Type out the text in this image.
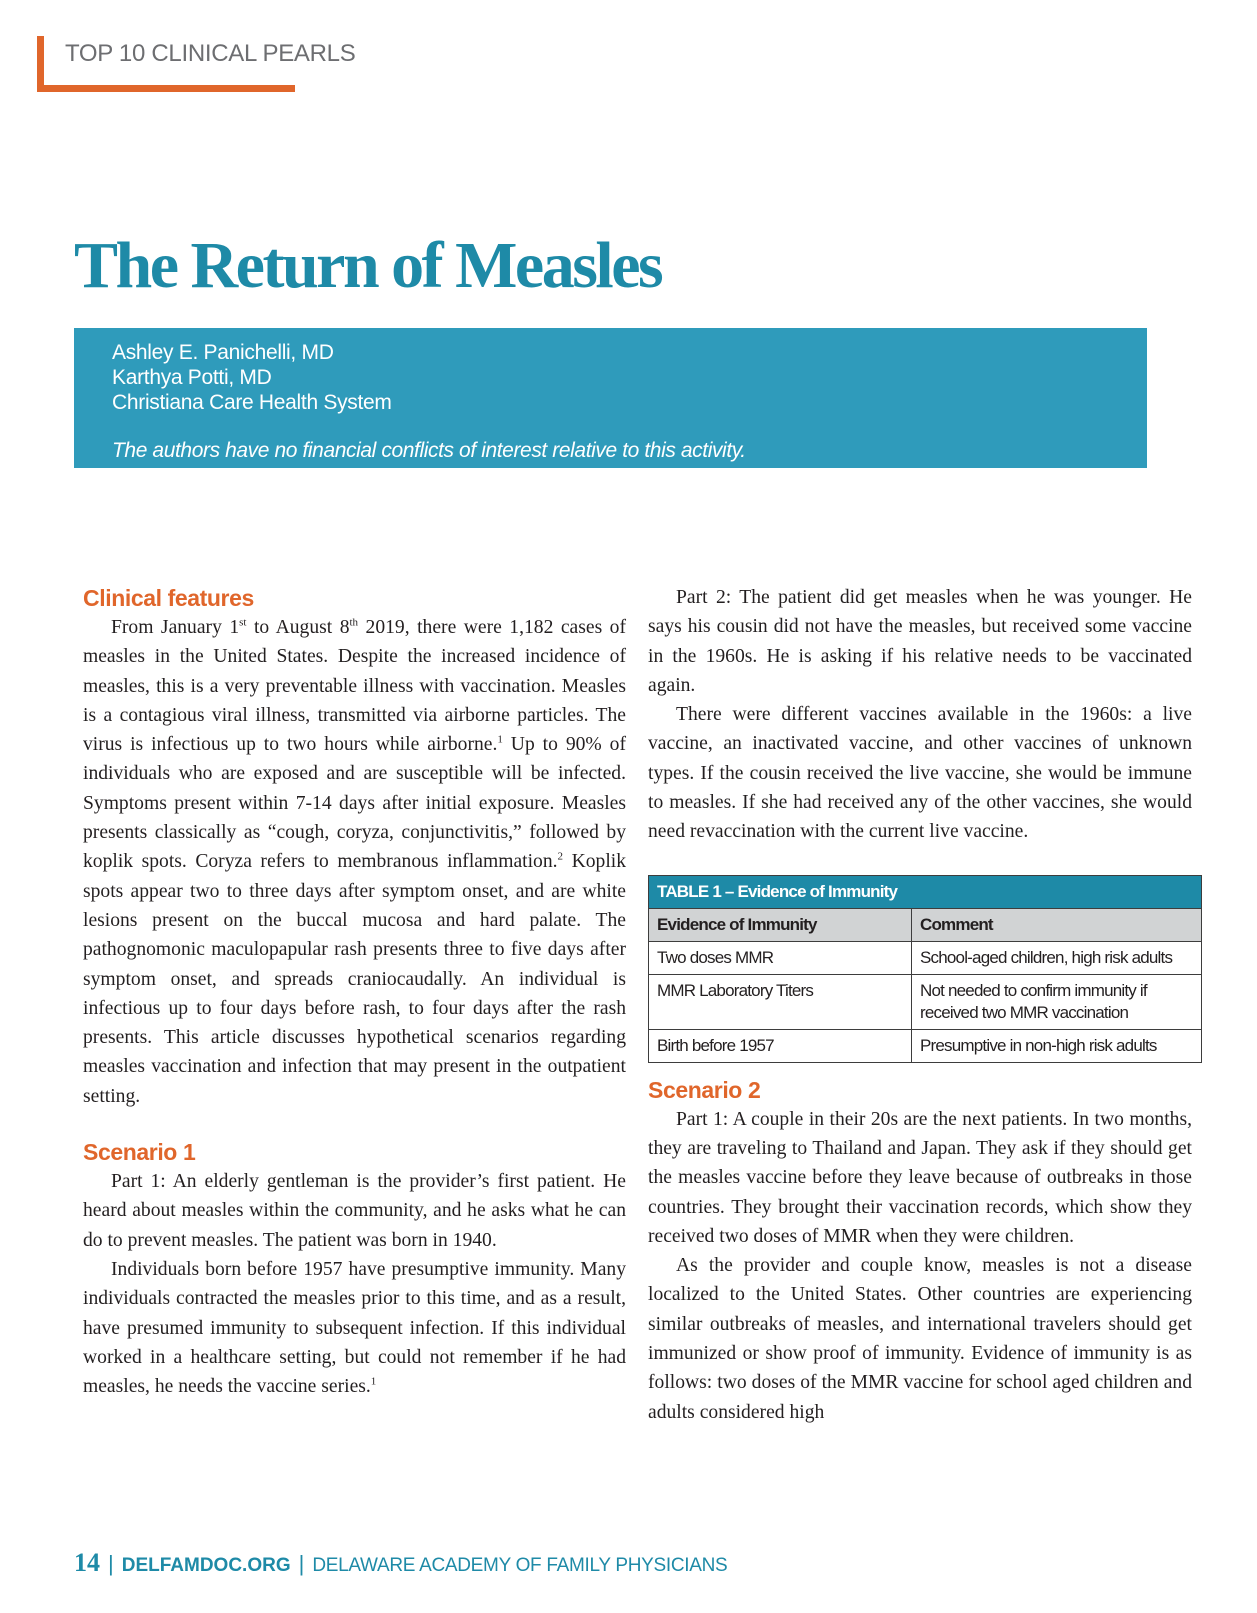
TOP 10 CLINICAL PEARLS
The Return of Measles
Ashley E. Panichelli, MD
Karthya Potti, MD
Christiana Care Health System
The authors have no financial conflicts of interest relative to this activity.
Clinical features

From January 1st to August 8th 2019, there were 1,182 cases of measles in the United States. Despite the increased incidence of measles, this is a very preventable illness with vaccination. Measles is a contagious viral illness, transmitted via airborne particles. The virus is infectious up to two hours while airborne.$^1$ Up to 90% of individuals who are exposed and are susceptible will be infected. Symptoms present within 7-14 days after initial exposure. Measles presents classically as “cough, coryza, conjunctivitis,” followed by koplik spots. Coryza refers to membranous inflammation.$^2$ Koplik spots appear two to three days after symptom onset, and are white lesions present on the buccal mucosa and hard palate. The pathognomonic maculopapular rash presents three to five days after symptom onset, and spreads craniocaudally. An individual is infectious up to four days before rash, to four days after the rash presents. This article discusses hypothetical scenarios regarding measles vaccination and infection that may present in the outpatient setting.

Scenario 1

Part 1: An elderly gentleman is the provider’s first patient. He heard about measles within the community, and he asks what he can do to prevent measles. The patient was born in 1940.

Individuals born before 1957 have presumptive immunity. Many individuals contracted the measles prior to this time, and as a result, have presumed immunity to subsequent infection. If this individual worked in a healthcare setting, but could not remember if he had measles, he needs the vaccine series.$^1$

Part 2: The patient did get measles when he was younger. He says his cousin did not have the measles, but received some vaccine in the 1960s. He is asking if his relative needs to be vaccinated again.

There were different vaccines available in the 1960s: a live vaccine, an inactivated vaccine, and other vaccines of unknown types. If the cousin received the live vaccine, she would be immune to measles. If she had received any of the other vaccines, she would need revaccination with the current live vaccine.

TABLE 1 – Evidence of Immunity
Evidence of Immunity	Comment
Two doses MMR	School-aged children, high risk adults
MMR Laboratory Titers	Not needed to confirm immunity if received two MMR vaccination
Birth before 1957	Presumptive in non-high risk adults
Scenario 2

Part 1: A couple in their 20s are the next patients. In two months, they are traveling to Thailand and Japan. They ask if they should get the measles vaccine before they leave because of outbreaks in those countries. They brought their vaccination records, which show they received two doses of MMR when they were children.

As the provider and couple know, measles is not a disease localized to the United States. Other countries are experiencing similar outbreaks of measles, and international travelers should get immunized or show proof of immunity. Evidence of immunity is as follows: two doses of the MMR vaccine for school aged children and adults considered high

14 | DELFAMDOC.ORG | DELAWARE ACADEMY OF FAMILY PHYSICIANS
